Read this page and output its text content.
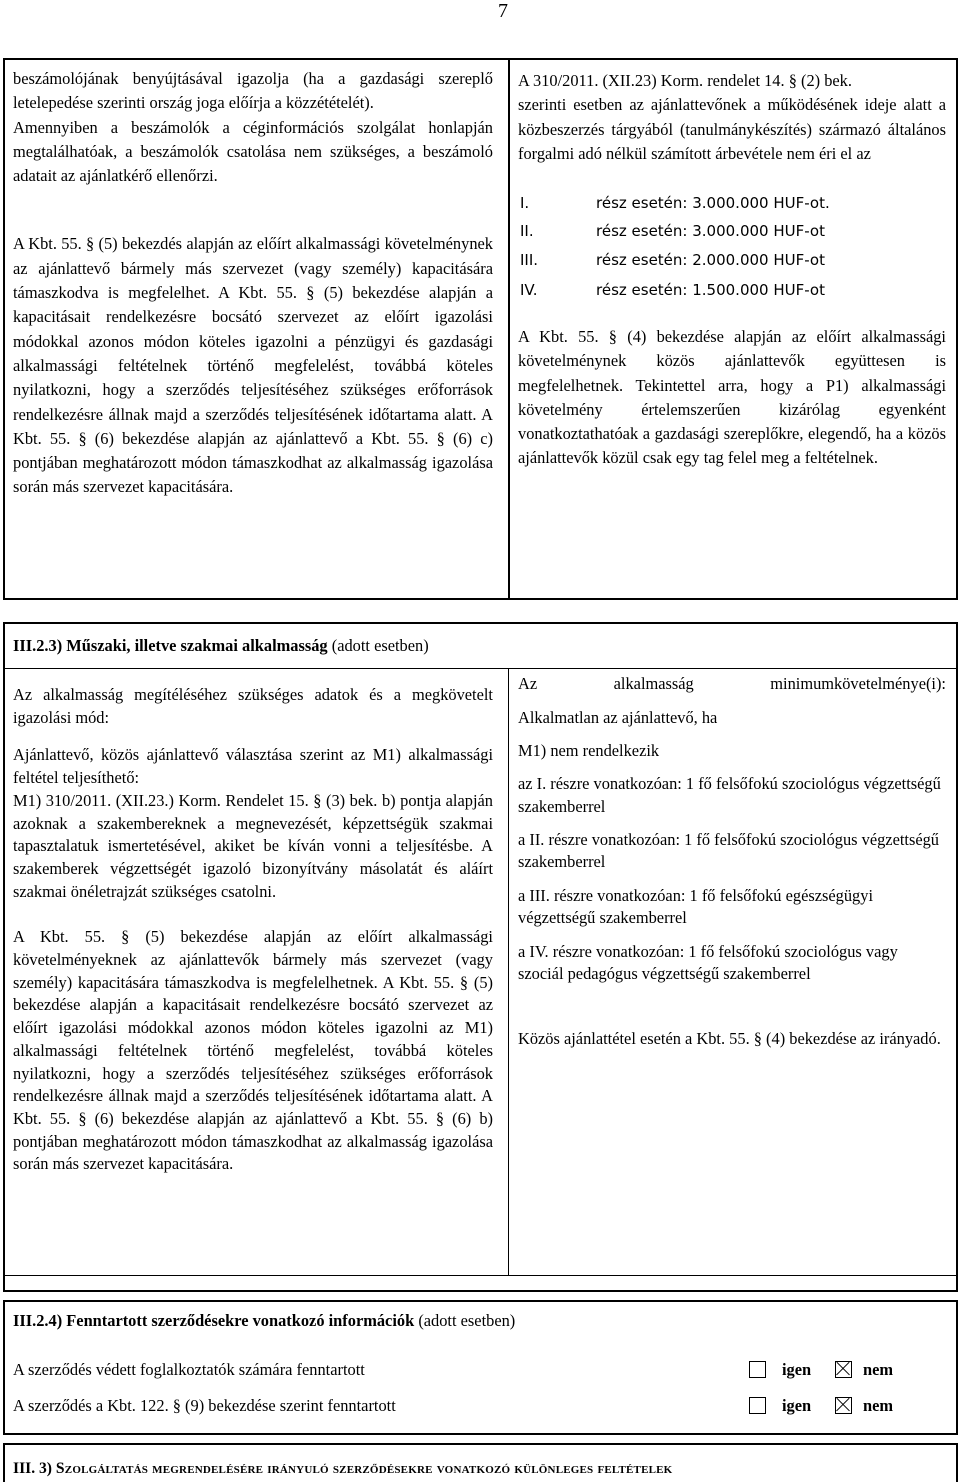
7

beszámolójának benyújtásával igazolja (ha a gazdasági szereplő letelepedése szerinti ország joga előírja a közzétételét).

Amennyiben a beszámolók a céginformációs szolgálat honlapján megtalálhatóak, a beszámolók csatolása nem szükséges, a beszámoló adatait az ajánlatkérő ellenőrzi.

A Kbt. 55. § (5) bekezdés alapján az előírt alkalmassági követelménynek az ajánlattevő bármely más szervezet (vagy személy) kapacitására támaszkodva is megfelelhet. A Kbt. 55. § (5) bekezdése alapján a kapacitásait rendelkezésre bocsátó szervezet az előírt igazolási módokkal azonos módon köteles igazolni a pénzügyi és gazdasági alkalmassági feltételnek történő megfelelést, továbbá köteles nyilatkozni, hogy a szerződés teljesítéséhez szükséges erőforrások rendelkezésre állnak majd a szerződés teljesítésének időtartama alatt. A Kbt. 55. § (6) bekezdése alapján az ajánlattevő a Kbt. 55. § (6) c) pontjában meghatározott módon támaszkodhat az alkalmasság igazolása során más szervezet kapacitására.

A 310/2011. (XII.23) Korm. rendelet 14. § (2) bek.

szerinti esetben az ajánlattevőnek a működésének ideje alatt a közbeszerzés tárgyából (tanulmánykészítés) származó általános forgalmi adó nélkül számított árbevétele nem éri el az

I.	rész esetén: 3.000.000 HUF-ot.
II.	rész esetén: 3.000.000 HUF-ot
III.	rész esetén: 2.000.000 HUF-ot
IV.	rész esetén: 1.500.000 HUF-ot

A Kbt. 55. § (4) bekezdése alapján az előírt alkalmassági követelménynek közös ajánlattevők együttesen is megfelelhetnek. Tekintettel arra, hogy a P1) alkalmassági követelmény értelemszerűen kizárólag egyenként vonatkoztathatóak a gazdasági szereplőkre, elegendő, ha a közös ajánlattevők közül csak egy tag felel meg a feltételnek.

III.2.3) Műszaki, illetve szakmai alkalmasság (adott esetben)

Az alkalmasság megítéléséhez szükséges adatok és a megkövetelt igazolási mód:

Ajánlattevő, közös ajánlattevő választása szerint az M1) alkalmassági feltétel teljesíthető:

M1) 310/2011. (XII.23.) Korm. Rendelet 15. § (3) bek. b) pontja alapján azoknak a szakembereknek a megnevezését, képzettségük szakmai tapasztalatuk ismertetésével, akiket be kíván vonni a teljesítésbe. A szakemberek végzettségét igazoló bizonyítvány másolatát és aláírt szakmai önéletrajzát szükséges csatolni.

A Kbt. 55. § (5) bekezdése alapján az előírt alkalmassági követelményeknek az ajánlattevők bármely más szervezet (vagy személy) kapacitására támaszkodva is megfelelhetnek. A Kbt. 55. § (5) bekezdése alapján a kapacitásait rendelkezésre bocsátó szervezet az előírt igazolási módokkal azonos módon köteles igazolni az M1) alkalmassági feltételnek történő megfelelést, továbbá köteles nyilatkozni, hogy a szerződés teljesítéséhez szükséges erőforrások rendelkezésre állnak majd a szerződés teljesítésének időtartama alatt. A Kbt. 55. § (6) bekezdése alapján az ajánlattevő a Kbt. 55. § (6) b) pontjában meghatározott módon támaszkodhat az alkalmasság igazolása során más szervezet kapacitására.

Az alkalmasság minimumkövetelménye(i):

Alkalmatlan az ajánlattevő, ha

M1) nem rendelkezik

az I. részre vonatkozóan: 1 fő felsőfokú szociológus végzettségű szakemberrel

a II. részre vonatkozóan: 1 fő felsőfokú szociológus végzettségű szakemberrel

a III. részre vonatkozóan: 1 fő felsőfokú egészségügyi végzettségű szakemberrel

a IV. részre vonatkozóan: 1 fő felsőfokú szociológus vagy szociál pedagógus végzettségű szakemberrel

Közös ajánlattétel esetén a Kbt. 55. § (4) bekezdése az irányadó.

III.2.4) Fenntartott szerződésekre vonatkozó információk (adott esetben)
A szerződés védett foglalkoztatók számára fenntartott	igen	nem
A szerződés a Kbt. 122. § (9) bekezdése szerint fenntartott	igen	nem
III. 3) Szolgáltatás megrendelésére irányuló szerződésekre vonatkozó különleges feltételek
